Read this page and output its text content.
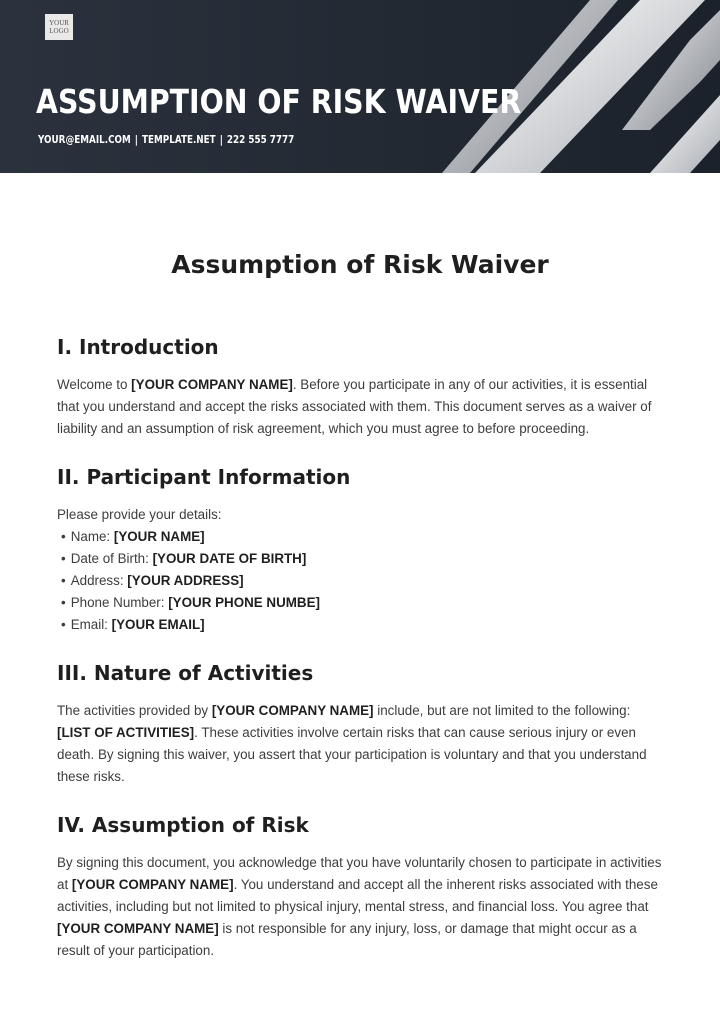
YOUR LOGO
ASSUMPTION OF RISK WAIVER
YOUR@EMAIL.COM | TEMPLATE.NET | 222 555 7777
Assumption of Risk Waiver
I. Introduction

Welcome to [YOUR COMPANY NAME]. Before you participate in any of our activities, it is essential that you understand and accept the risks associated with them. This document serves as a waiver of liability and an assumption of risk agreement, which you must agree to before proceeding.

II. Participant Information

Please provide your details:

• Name: [YOUR NAME]
• Date of Birth: [YOUR DATE OF BIRTH]
• Address: [YOUR ADDRESS]
• Phone Number: [YOUR PHONE NUMBE]
• Email: [YOUR EMAIL]
III. Nature of Activities

The activities provided by [YOUR COMPANY NAME] include, but are not limited to the following: [LIST OF ACTIVITIES]. These activities involve certain risks that can cause serious injury or even death. By signing this waiver, you assert that your participation is voluntary and that you understand these risks.

IV. Assumption of Risk

By signing this document, you acknowledge that you have voluntarily chosen to participate in activities at [YOUR COMPANY NAME]. You understand and accept all the inherent risks associated with these activities, including but not limited to physical injury, mental stress, and financial loss. You agree that [YOUR COMPANY NAME] is not responsible for any injury, loss, or damage that might occur as a result of your participation.
